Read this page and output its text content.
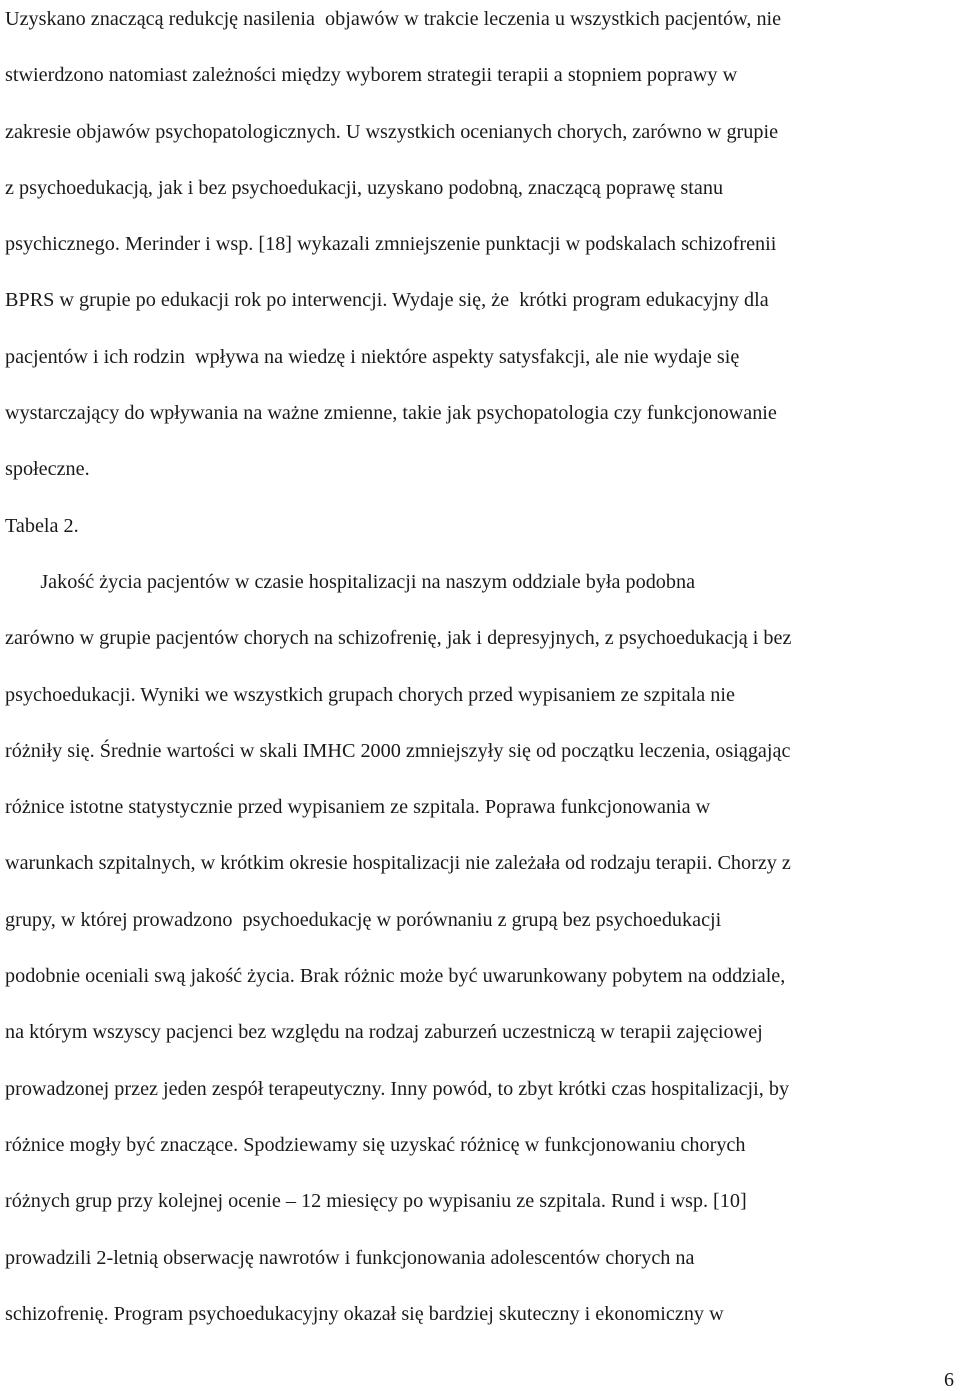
Uzyskano znaczącą redukcję nasilenia  objawów w trakcie leczenia u wszystkich pacjentów, nie

stwierdzono natomiast zależności między wyborem strategii terapii a stopniem poprawy w

zakresie objawów psychopatologicznych. U wszystkich ocenianych chorych, zarówno w grupie

z psychoedukacją, jak i bez psychoedukacji, uzyskano podobną, znaczącą poprawę stanu

psychicznego. Merinder i wsp. [18] wykazali zmniejszenie punktacji w podskalach schizofrenii

BPRS w grupie po edukacji rok po interwencji. Wydaje się, że  krótki program edukacyjny dla

pacjentów i ich rodzin  wpływa na wiedzę i niektóre aspekty satysfakcji, ale nie wydaje się

wystarczający do wpływania na ważne zmienne, takie jak psychopatologia czy funkcjonowanie

społeczne.

Tabela 2.

Jakość życia pacjentów w czasie hospitalizacji na naszym oddziale była podobna

zarówno w grupie pacjentów chorych na schizofrenię, jak i depresyjnych, z psychoedukacją i bez

psychoedukacji. Wyniki we wszystkich grupach chorych przed wypisaniem ze szpitala nie

różniły się. Średnie wartości w skali IMHC 2000 zmniejszyły się od początku leczenia, osiągając

różnice istotne statystycznie przed wypisaniem ze szpitala. Poprawa funkcjonowania w

warunkach szpitalnych, w krótkim okresie hospitalizacji nie zależała od rodzaju terapii. Chorzy z

grupy, w której prowadzono  psychoedukację w porównaniu z grupą bez psychoedukacji

podobnie oceniali swą jakość życia. Brak różnic może być uwarunkowany pobytem na oddziale,

na którym wszyscy pacjenci bez względu na rodzaj zaburzeń uczestniczą w terapii zajęciowej

prowadzonej przez jeden zespół terapeutyczny. Inny powód, to zbyt krótki czas hospitalizacji, by

różnice mogły być znaczące. Spodziewamy się uzyskać różnicę w funkcjonowaniu chorych

różnych grup przy kolejnej ocenie – 12 miesięcy po wypisaniu ze szpitala. Rund i wsp. [10]

prowadzili 2-letnią obserwację nawrotów i funkcjonowania adolescentów chorych na

schizofrenię. Program psychoedukacyjny okazał się bardziej skuteczny i ekonomiczny w

6
